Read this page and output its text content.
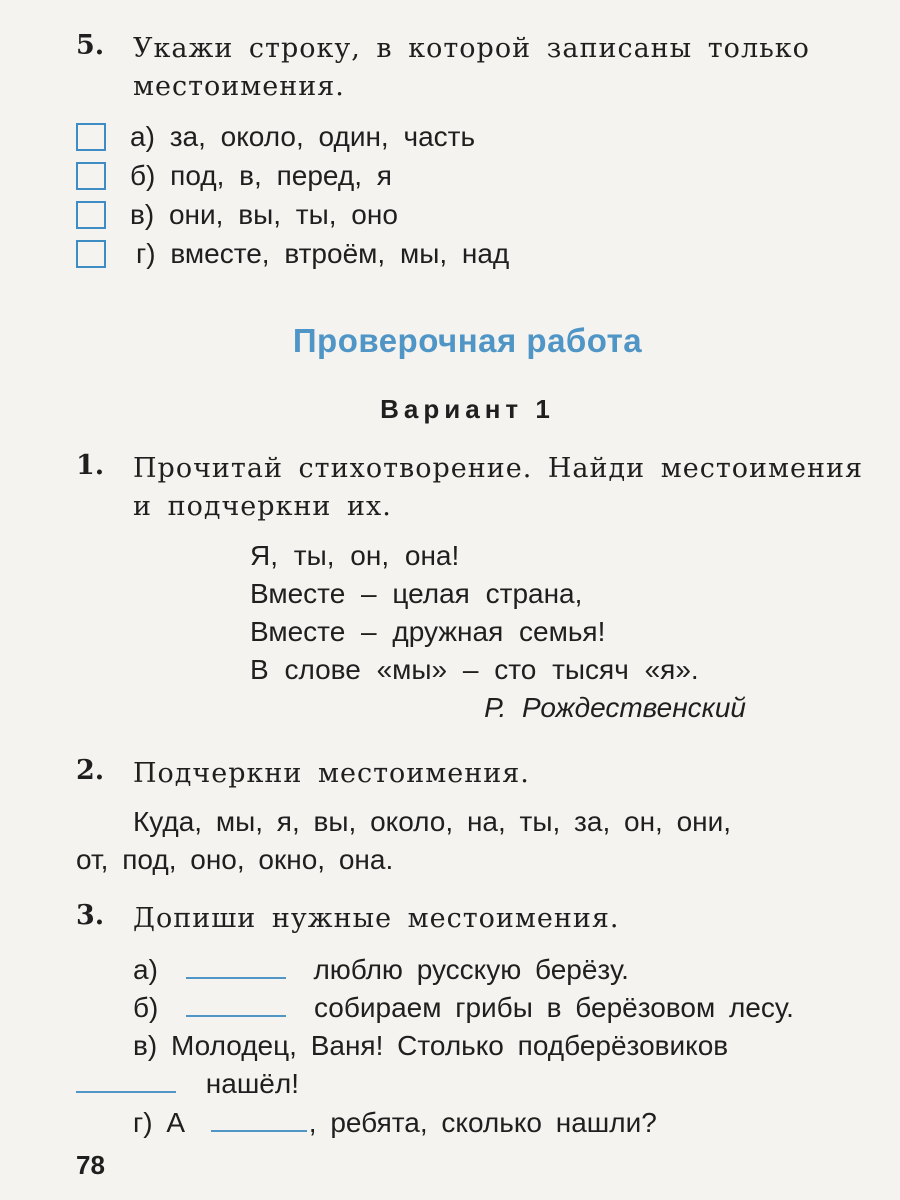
5. Укажи строку, в которой записаны только местоимения.
а)
за, около, один, часть
б)
под, в, перед, я
в)
они, вы, ты, оно
г)
вместе, втроём, мы, над
Проверочная работа
Вариант 1
1. Прочитай стихотворение. Найди местоимения и подчеркни их.
Я, ты, он, она!
Вместе – целая страна,
Вместе – дружная семья!
В слове «мы» – сто тысяч «я».
Р. Рождественский
2. Подчеркни местоимения.
Куда, мы, я, вы, около, на, ты, за, он, они,
от, под, оно, окно, она.
3. Допиши нужные местоимения.
а)	люблю русскую берёзу.
б)	собираем грибы в берёзовом лесу.
в) Молодец, Ваня! Столько подберёзовиков
нашёл!
г) А	, ребята, сколько нашли?
78
